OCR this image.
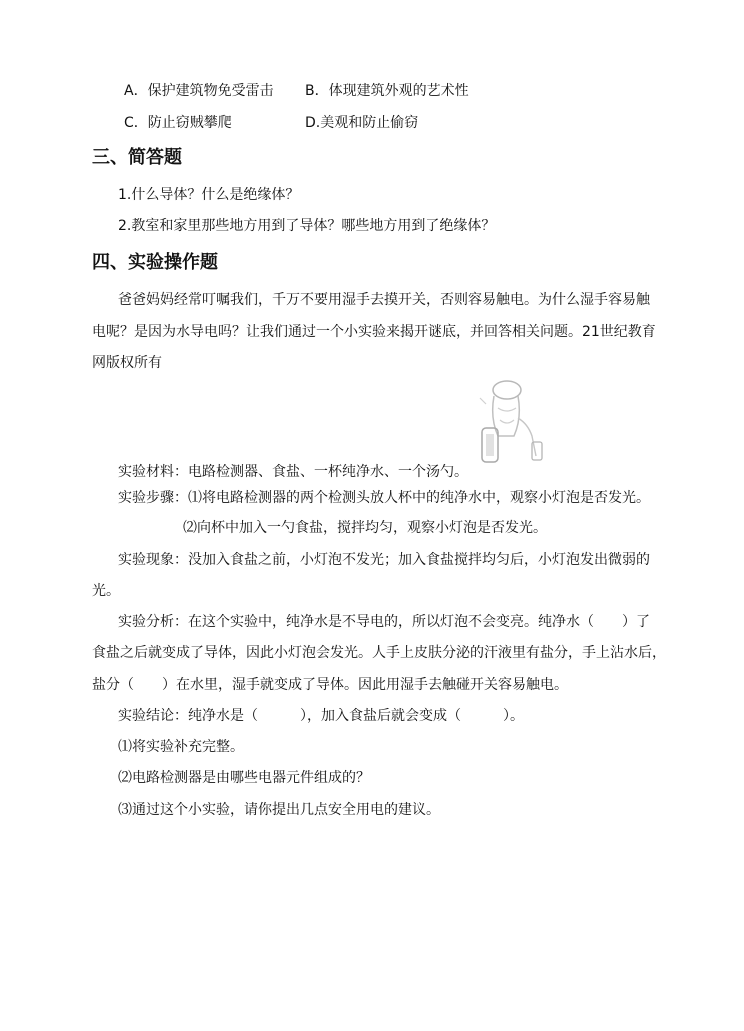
A．保护建筑物免受雷击 B．体现建筑外观的艺术性
C．防止窃贼攀爬	D.美观和防止偷窃
三、简答题
1.什么导体？什么是绝缘体？
2.教室和家里那些地方用到了导体？哪些地方用到了绝缘体？
四、实验操作题
爸爸妈妈经常叮嘱我们，千万不要用湿手去摸开关，否则容易触电。为什么湿手容易触
电呢？是因为水导电吗？让我们通过一个小实验来揭开谜底，并回答相关问题。21世纪教育
网版权所有
实验材料：电路检测器、食盐、一杯纯净水、一个汤勺。
实验步骤：⑴将电路检测器的两个检测头放人杯中的纯净水中，观察小灯泡是否发光。
⑵向杯中加入一勺食盐，搅拌均匀，观察小灯泡是否发光。
实验现象：没加入食盐之前，小灯泡不发光；加入食盐搅拌均匀后，小灯泡发出微弱的
光。
实验分析：在这个实验中，纯净水是不导电的，所以灯泡不会变亮。纯净水（　　）了
食盐之后就变成了导体，因此小灯泡会发光。人手上皮肤分泌的汗液里有盐分，手上沾水后，
盐分（　　）在水里，湿手就变成了导体。因此用湿手去触碰开关容易触电。
实验结论：纯净水是（　　　），加入食盐后就会变成（　　　）。
⑴将实验补充完整。
⑵电路检测器是由哪些电器元件组成的？
⑶通过这个小实验，请你提出几点安全用电的建议。
